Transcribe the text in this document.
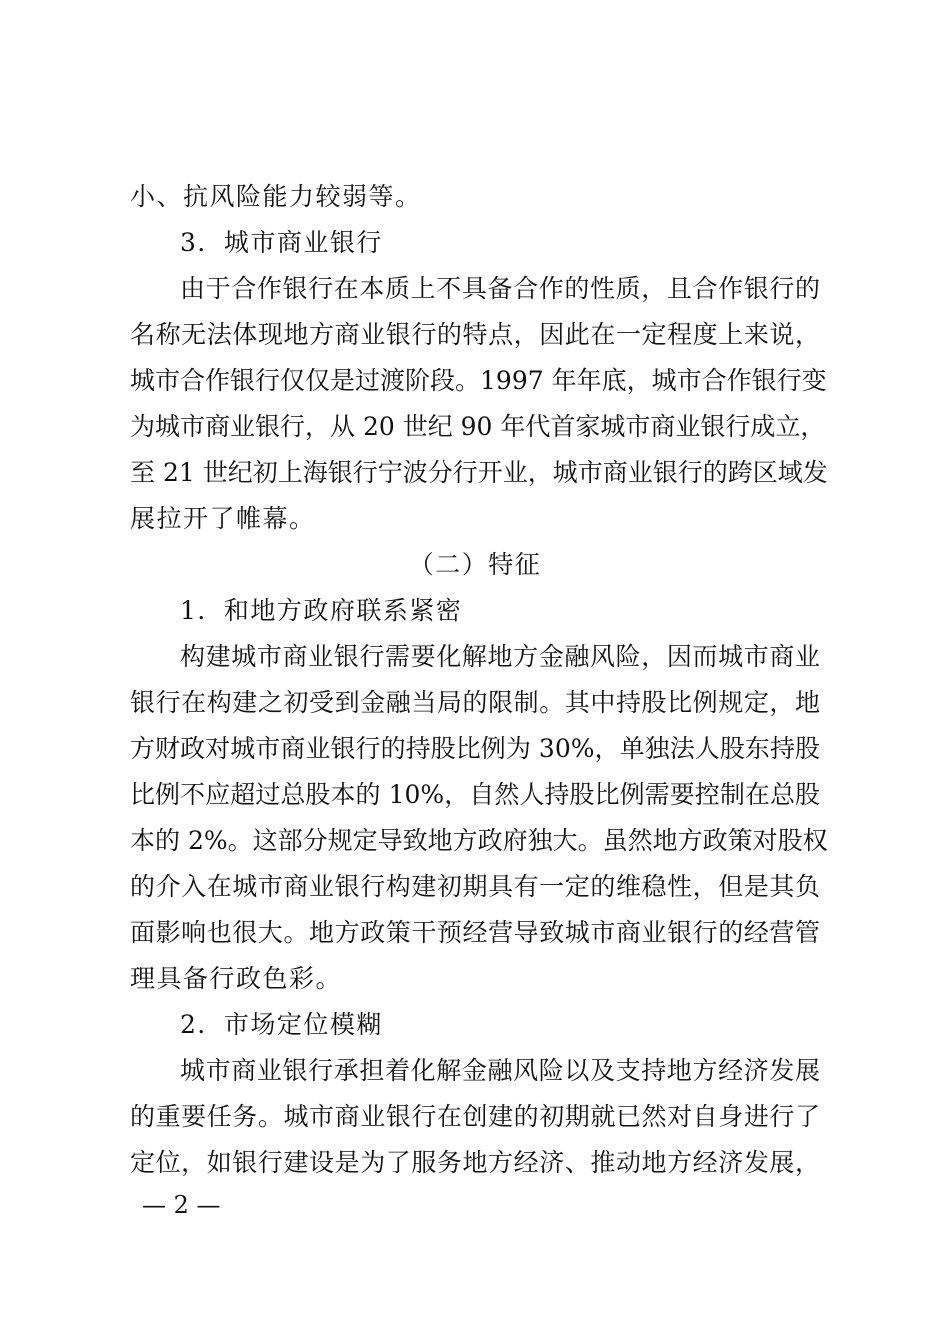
小、抗风险能力较弱等。
3．城市商业银行
由于合作银行在本质上不具备合作的性质，且合作银行的
名称无法体现地方商业银行的特点，因此在一定程度上来说，
城市合作银行仅仅是过渡阶段。1997 年年底，城市合作银行变
为城市商业银行，从 20 世纪 90 年代首家城市商业银行成立，
至 21 世纪初上海银行宁波分行开业，城市商业银行的跨区域发
展拉开了帷幕。
（二）特征
1．和地方政府联系紧密
构建城市商业银行需要化解地方金融风险，因而城市商业
银行在构建之初受到金融当局的限制。其中持股比例规定，地
方财政对城市商业银行的持股比例为 30%，单独法人股东持股
比例不应超过总股本的 10%，自然人持股比例需要控制在总股
本的 2%。这部分规定导致地方政府独大。虽然地方政策对股权
的介入在城市商业银行构建初期具有一定的维稳性，但是其负
面影响也很大。地方政策干预经营导致城市商业银行的经营管
理具备行政色彩。
2．市场定位模糊
城市商业银行承担着化解金融风险以及支持地方经济发展
的重要任务。城市商业银行在创建的初期就已然对自身进行了
定位，如银行建设是为了服务地方经济、推动地方经济发展，
— 2 —
